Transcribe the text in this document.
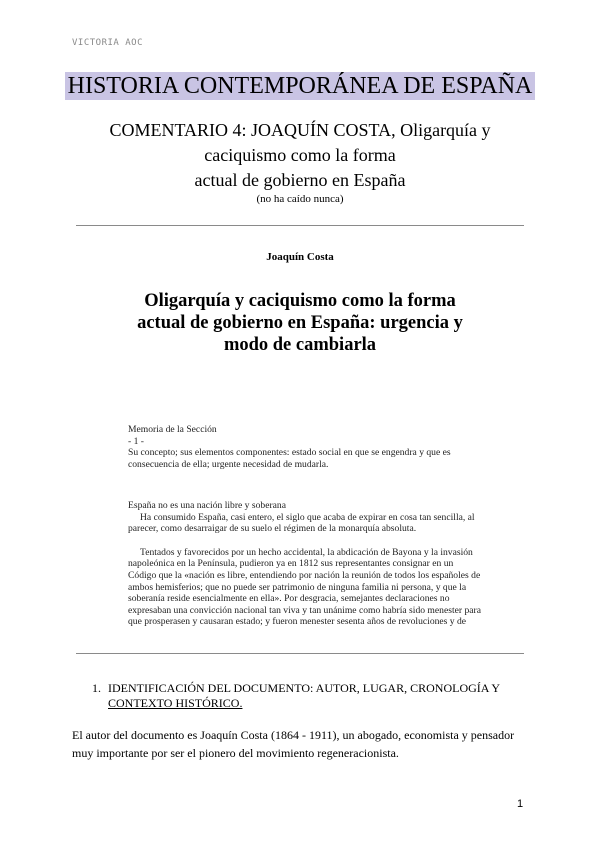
VICTORIA AOC
HISTORIA CONTEMPORÁNEA DE ESPAÑA
COMENTARIO 4: JOAQUÍN COSTA, Oligarquía y
caciquismo como la forma
actual de gobierno en España
(no ha caído nunca)
Joaquín Costa
Oligarquía y caciquismo como la forma
actual de gobierno en España: urgencia y
modo de cambiarla
Memoria de la Sección
- 1 -
Su concepto; sus elementos componentes: estado social en que se engendra y que es
consecuencia de ella; urgente necesidad de mudarla.

España no es una nación libre y soberana

Ha consumido España, casi entero, el siglo que acaba de expirar en cosa tan sencilla, al

parecer, como desarraigar de su suelo el régimen de la monarquía absoluta.

Tentados y favorecidos por un hecho accidental, la abdicación de Bayona y la invasión

napoleónica en la Península, pudieron ya en 1812 sus representantes consignar en un

Código que la «nación es libre, entendiendo por nación la reunión de todos los españoles de

ambos hemisferios; que no puede ser patrimonio de ninguna familia ni persona, y que la

soberanía reside esencialmente en ella». Por desgracia, semejantes declaraciones no

expresaban una convicción nacional tan viva y tan unánime como habría sido menester para

que prosperasen y causaran estado; y fueron menester sesenta años de revoluciones y de

1. IDENTIFICACIÓN DEL DOCUMENTO: AUTOR, LUGAR, CRONOLOGÍA Y
CONTEXTO HISTÓRICO.
El autor del documento es Joaquín Costa (1864 - 1911), un abogado, economista y pensador
muy importante por ser el pionero del movimiento regeneracionista.
1
